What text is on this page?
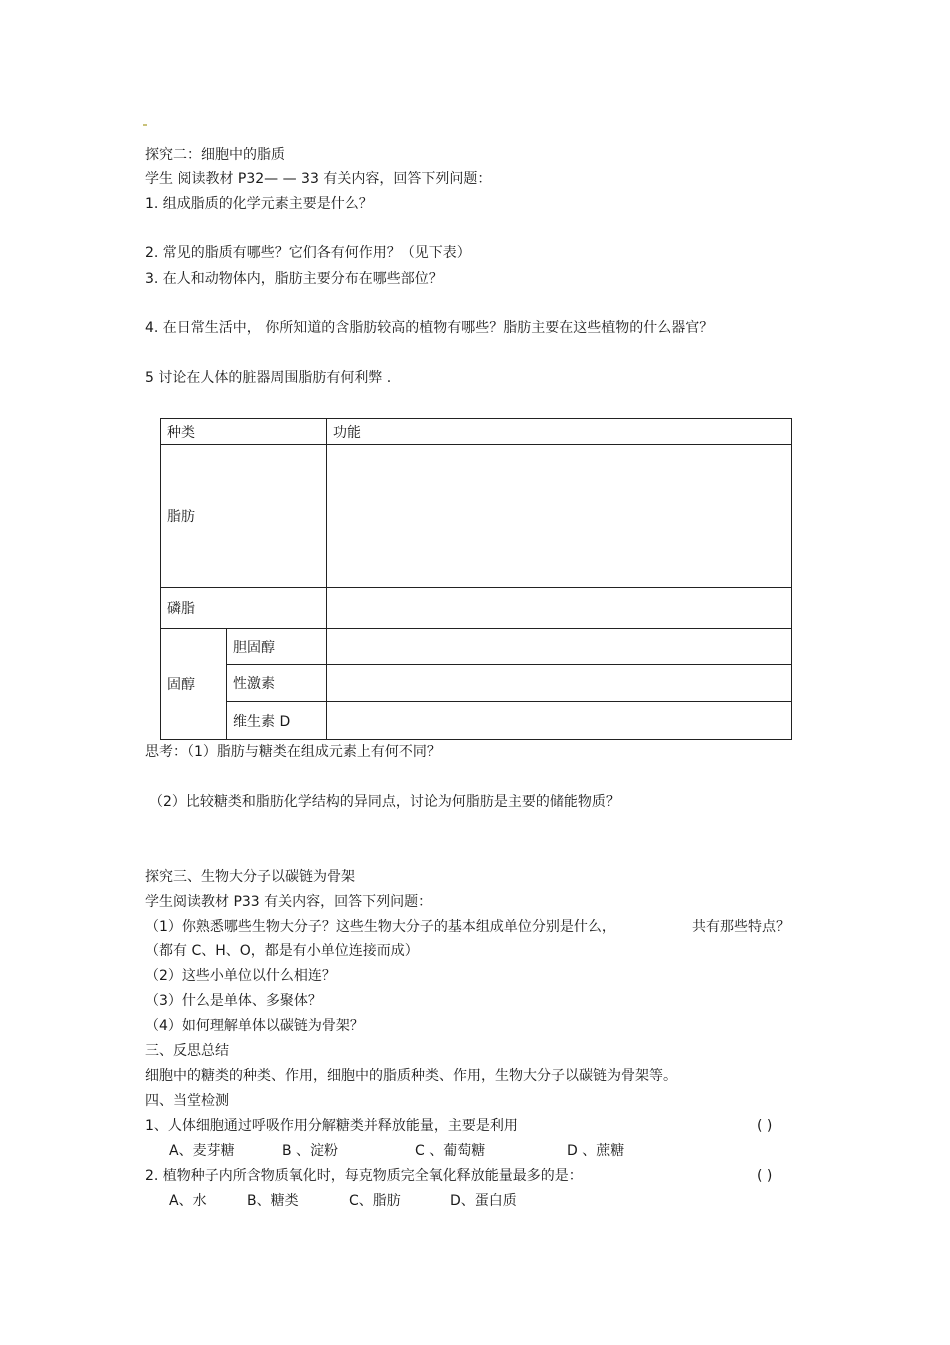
探究二：细胞中的脂质
学生 阅读教材 P32— — 33 有关内容，回答下列问题：
1. 组成脂质的化学元素主要是什么？
2. 常见的脂质有哪些？它们各有何作用？（见下表）
3. 在人和动物体内，脂肪主要分布在哪些部位？
4. 在日常生活中， 你所知道的含脂肪较高的植物有哪些？脂肪主要在这些植物的什么器官？
5 讨论在人体的脏器周围脂肪有何利弊 .
种类		功能
脂肪		
磷脂		
固醇	胆固醇	
	性激素	
	维生素 D	
思考：（1）脂肪与糖类在组成元素上有何不同？
（2）比较糖类和脂肪化学结构的异同点，讨论为何脂肪是主要的储能物质？
探究三、生物大分子以碳链为骨架
学生阅读教材 P33 有关内容，回答下列问题：
（1）你熟悉哪些生物大分子？这些生物大分子的基本组成单位分别是什么，	共有那些特点？
（都有 C、H、O，都是有小单位连接而成）
（2）这些小单位以什么相连？
（3）什么是单体、多聚体？
（4）如何理解单体以碳链为骨架？
三、反思总结
细胞中的糖类的种类、作用，细胞中的脂质种类、作用，生物大分子以碳链为骨架等。
四、当堂检测
1、人体细胞通过呼吸作用分解糖类并释放能量，主要是利用	( )
A、麦芽糖	B 、淀粉	C 、葡萄糖	D 、蔗糖
2. 植物种子内所含物质氧化时，每克物质完全氧化释放能量最多的是：	( )
A、水	B、糖类	C、脂肪	D、蛋白质
